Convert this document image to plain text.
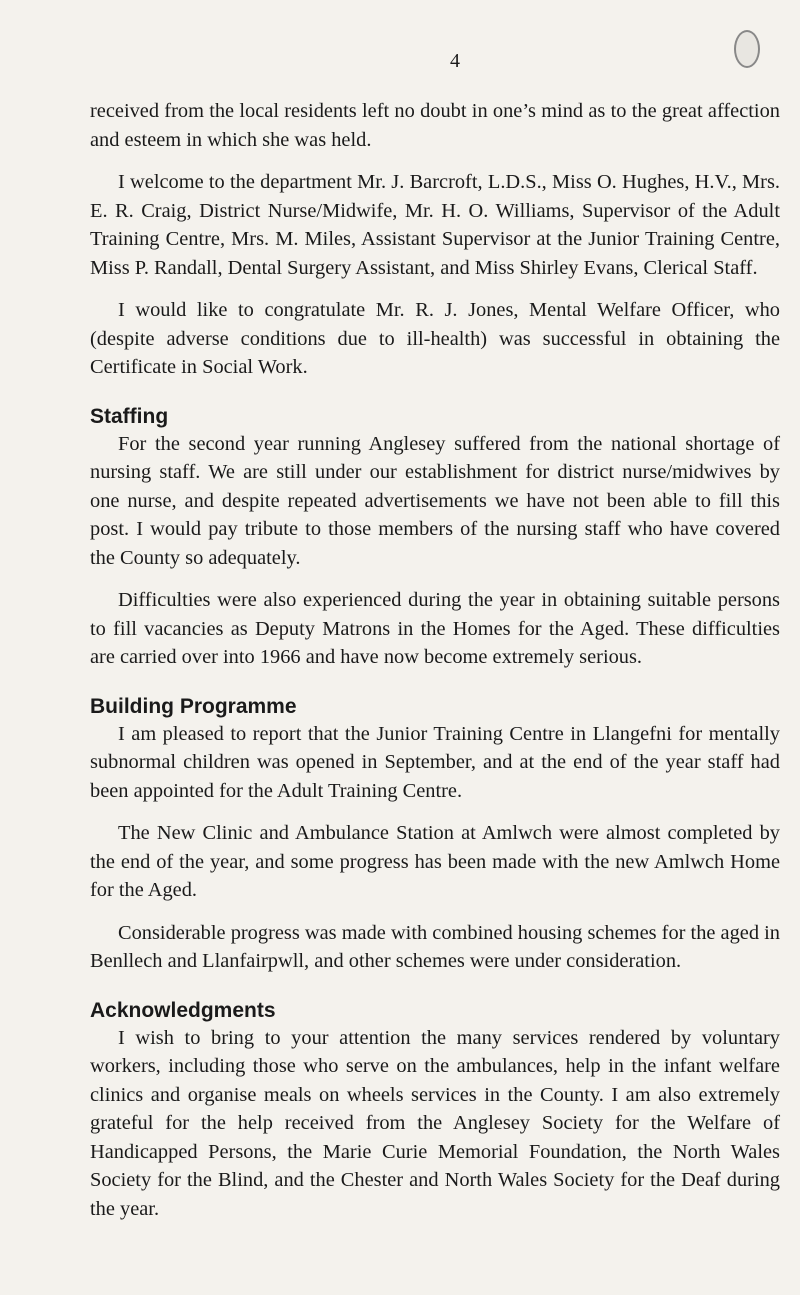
4

received from the local residents left no doubt in one’s mind as to the great affection and esteem in which she was held.

I welcome to the department Mr. J. Barcroft, L.D.S., Miss O. Hughes, H.V., Mrs. E. R. Craig, District Nurse/Midwife, Mr. H. O. Williams, Supervisor of the Adult Training Centre, Mrs. M. Miles, Assistant Supervisor at the Junior Training Centre, Miss P. Randall, Dental Surgery Assistant, and Miss Shirley Evans, Clerical Staff.

I would like to congratulate Mr. R. J. Jones, Mental Welfare Officer, who (despite adverse conditions due to ill-health) was successful in obtaining the Certificate in Social Work.

Staffing

For the second year running Anglesey suffered from the national shortage of nursing staff. We are still under our establishment for district nurse/midwives by one nurse, and despite repeated advertisements we have not been able to fill this post. I would pay tribute to those members of the nursing staff who have covered the County so adequately.

Difficulties were also experienced during the year in obtaining suitable persons to fill vacancies as Deputy Matrons in the Homes for the Aged. These difficulties are carried over into 1966 and have now become extremely serious.

Building Programme

I am pleased to report that the Junior Training Centre in Llangefni for mentally subnormal children was opened in September, and at the end of the year staff had been appointed for the Adult Training Centre.

The New Clinic and Ambulance Station at Amlwch were almost completed by the end of the year, and some progress has been made with the new Amlwch Home for the Aged.

Considerable progress was made with combined housing schemes for the aged in Benllech and Llanfairpwll, and other schemes were under consideration.

Acknowledgments

I wish to bring to your attention the many services rendered by voluntary workers, including those who serve on the ambulances, help in the infant welfare clinics and organise meals on wheels services in the County. I am also extremely grateful for the help received from the Anglesey Society for the Welfare of Handicapped Persons, the Marie Curie Memorial Foundation, the North Wales Society for the Blind, and the Chester and North Wales Society for the Deaf during the year.
